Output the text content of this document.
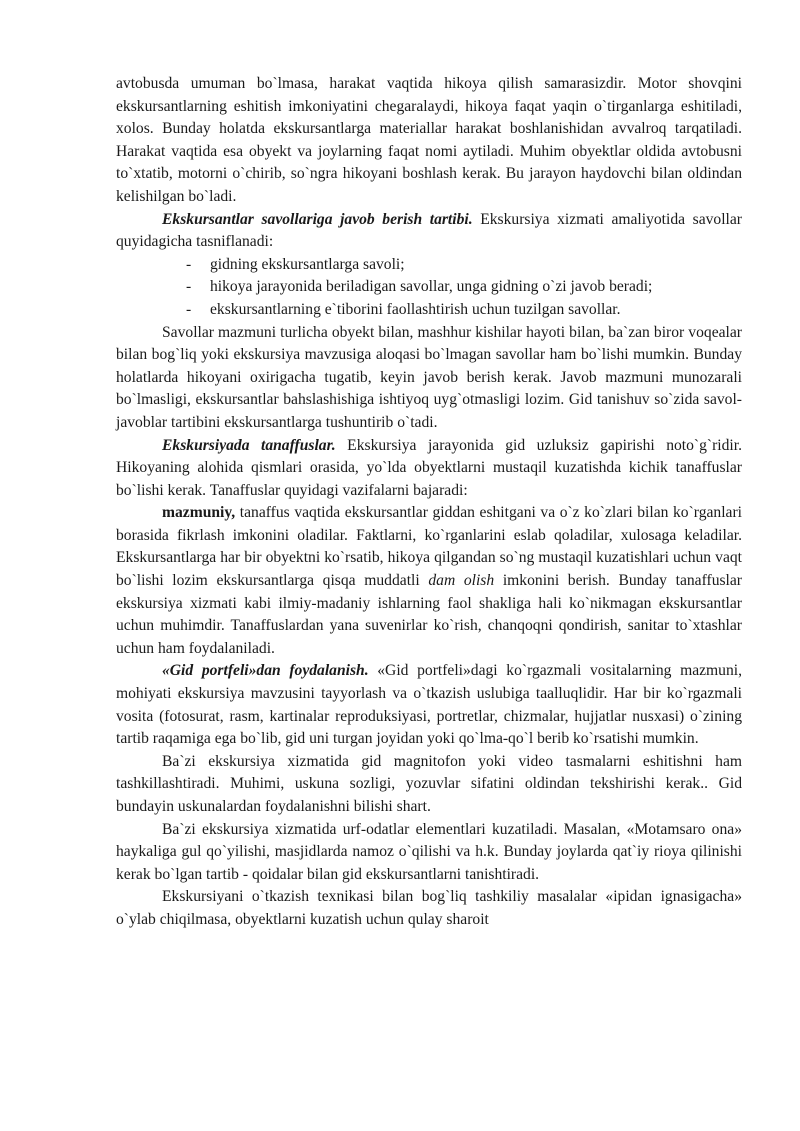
avtobusda umuman bo`lmasa, harakat vaqtida hikoya qilish samarasizdir. Motor shovqini ekskursantlarning eshitish imkoniyatini chegaralaydi, hikoya faqat yaqin o`tirganlarga eshitiladi, xolos. Bunday holatda ekskursantlarga materiallar harakat boshlanishidan avvalroq tarqatiladi. Harakat vaqtida esa obyekt va joylarning faqat nomi aytiladi. Muhim obyektlar oldida avtobusni to`xtatib, motorni o`chirib, so`ngra hikoyani boshlash kerak. Bu jarayon haydovchi bilan oldindan kelishilgan bo`ladi.

Ekskursantlar savollariga javob berish tartibi. Ekskursiya xizmati amaliyotida savollar quyidagicha tasniflanadi:

- gidning ekskursantlarga savoli;
- hikoya jarayonida beriladigan savollar, unga gidning o`zi javob beradi;
- ekskursantlarning e`tiborini faollashtirish uchun tuzilgan savollar.

Savollar mazmuni turlicha obyekt bilan, mashhur kishilar hayoti bilan, ba`zan biror voqealar bilan bog`liq yoki ekskursiya mavzusiga aloqasi bo`lmagan savollar ham bo`lishi mumkin. Bunday holatlarda hikoyani oxirigacha tugatib, keyin javob berish kerak. Javob mazmuni munozarali bo`lmasligi, ekskursantlar bahslashishiga ishtiyoq uyg`otmasligi lozim. Gid tanishuv so`zida savol-javoblar tartibini ekskursantlarga tushuntirib o`tadi.

Ekskursiyada tanaffuslar. Ekskursiya jarayonida gid uzluksiz gapirishi noto`g`ridir. Hikoyaning alohida qismlari orasida, yo`lda obyektlarni mustaqil kuzatishda kichik tanaffuslar bo`lishi kerak. Tanaffuslar quyidagi vazifalarni bajaradi:

mazmuniy, tanaffus vaqtida ekskursantlar giddan eshitgani va o`z ko`zlari bilan ko`rganlari borasida fikrlash imkonini oladilar. Faktlarni, ko`rganlarini eslab qoladilar, xulosaga keladilar. Ekskursantlarga har bir obyektni ko`rsatib, hikoya qilgandan so`ng mustaqil kuzatishlari uchun vaqt bo`lishi lozim ekskursantlarga qisqa muddatli dam olish imkonini berish. Bunday tanaffuslar ekskursiya xizmati kabi ilmiy-madaniy ishlarning faol shakliga hali ko`nikmagan ekskursantlar uchun muhimdir. Tanaffuslardan yana suvenirlar ko`rish, chanqoqni qondirish, sanitar to`xtashlar uchun ham foydalaniladi.

«Gid portfeli»dan foydalanish. «Gid portfeli»dagi ko`rgazmali vositalarning mazmuni, mohiyati ekskursiya mavzusini tayyorlash va o`tkazish uslubiga taalluqlidir. Har bir ko`rgazmali vosita (fotosurat, rasm, kartinalar reproduksiyasi, portretlar, chizmalar, hujjatlar nusxasi) o`zining tartib raqamiga ega bo`lib, gid uni turgan joyidan yoki qo`lma-qo`l berib ko`rsatishi mumkin.

Ba`zi ekskursiya xizmatida gid magnitofon yoki video tasmalarni eshitishni ham tashkillashtiradi. Muhimi, uskuna sozligi, yozuvlar sifatini oldindan tekshirishi kerak.. Gid bundayin uskunalardan foydalanishni bilishi shart.

Ba`zi ekskursiya xizmatida urf-odatlar elementlari kuzatiladi. Masalan, «Motamsaro ona» haykaliga gul qo`yilishi, masjidlarda namoz o`qilishi va h.k. Bunday joylarda qat`iy rioya qilinishi kerak bo`lgan tartib - qoidalar bilan gid ekskursantlarni tanishtiradi.

Ekskursiyani o`tkazish texnikasi bilan bog`liq tashkiliy masalalar «ipidan ignasigacha» o`ylab chiqilmasa, obyektlarni kuzatish uchun qulay sharoit
